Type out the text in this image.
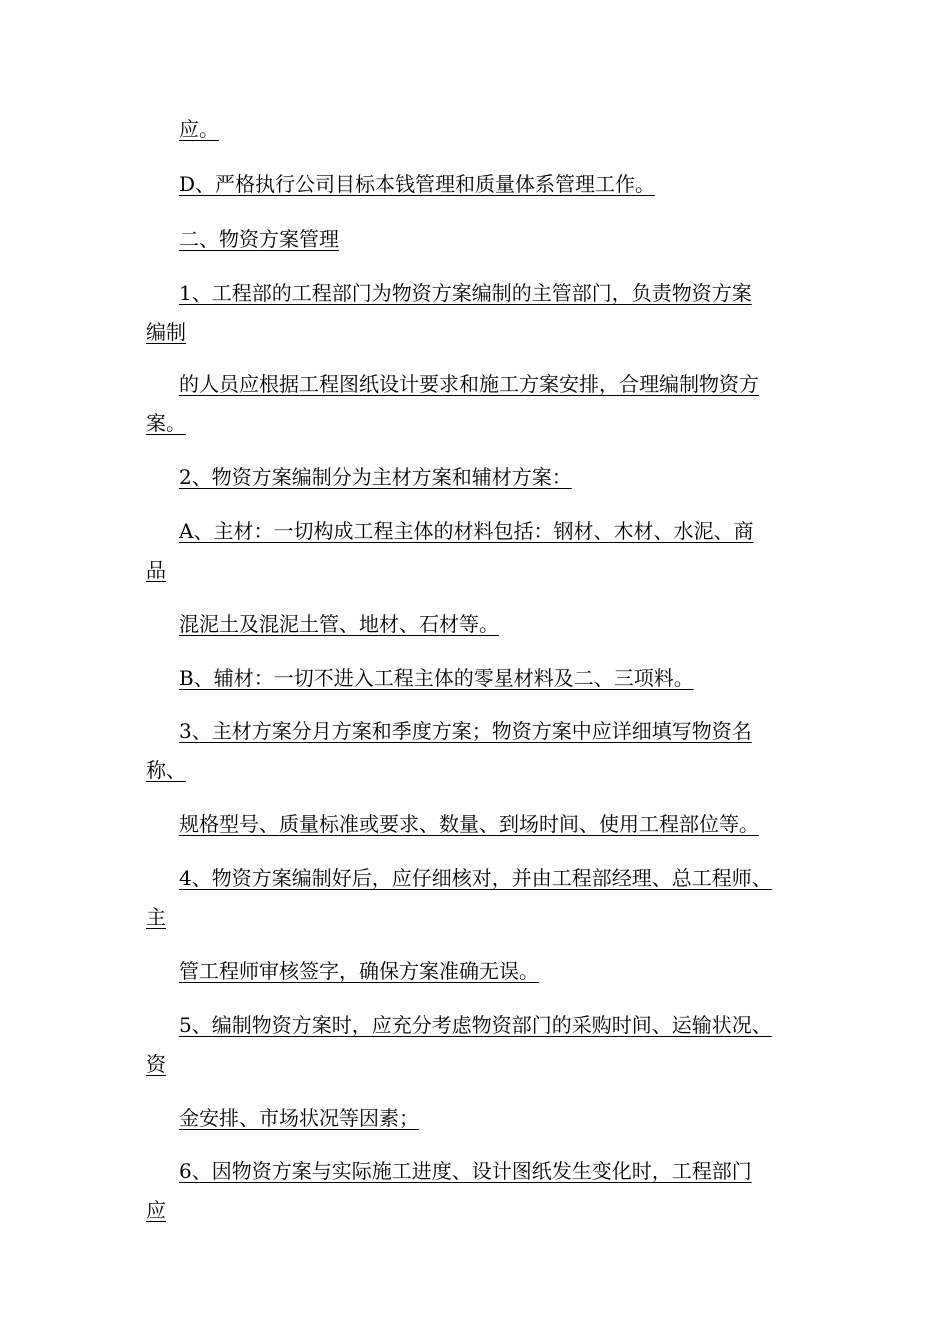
应。
D、严格执行公司目标本钱管理和质量体系管理工作。
二、物资方案管理
1、工程部的工程部门为物资方案编制的主管部门，负责物资方案
编制
的人员应根据工程图纸设计要求和施工方案安排，合理编制物资方
案。
2、物资方案编制分为主材方案和辅材方案：
A、主材：一切构成工程主体的材料包括：钢材、木材、水泥、商
品
混泥土及混泥土管、地材、石材等。
B、辅材：一切不进入工程主体的零星材料及二、三项料。
3、主材方案分月方案和季度方案；物资方案中应详细填写物资名
称、
规格型号、质量标准或要求、数量、到场时间、使用工程部位等。
4、物资方案编制好后，应仔细核对，并由工程部经理、总工程师、
主
管工程师审核签字，确保方案准确无误。
5、编制物资方案时，应充分考虑物资部门的采购时间、运输状况、
资
金安排、市场状况等因素；
6、因物资方案与实际施工进度、设计图纸发生变化时，工程部门
应
